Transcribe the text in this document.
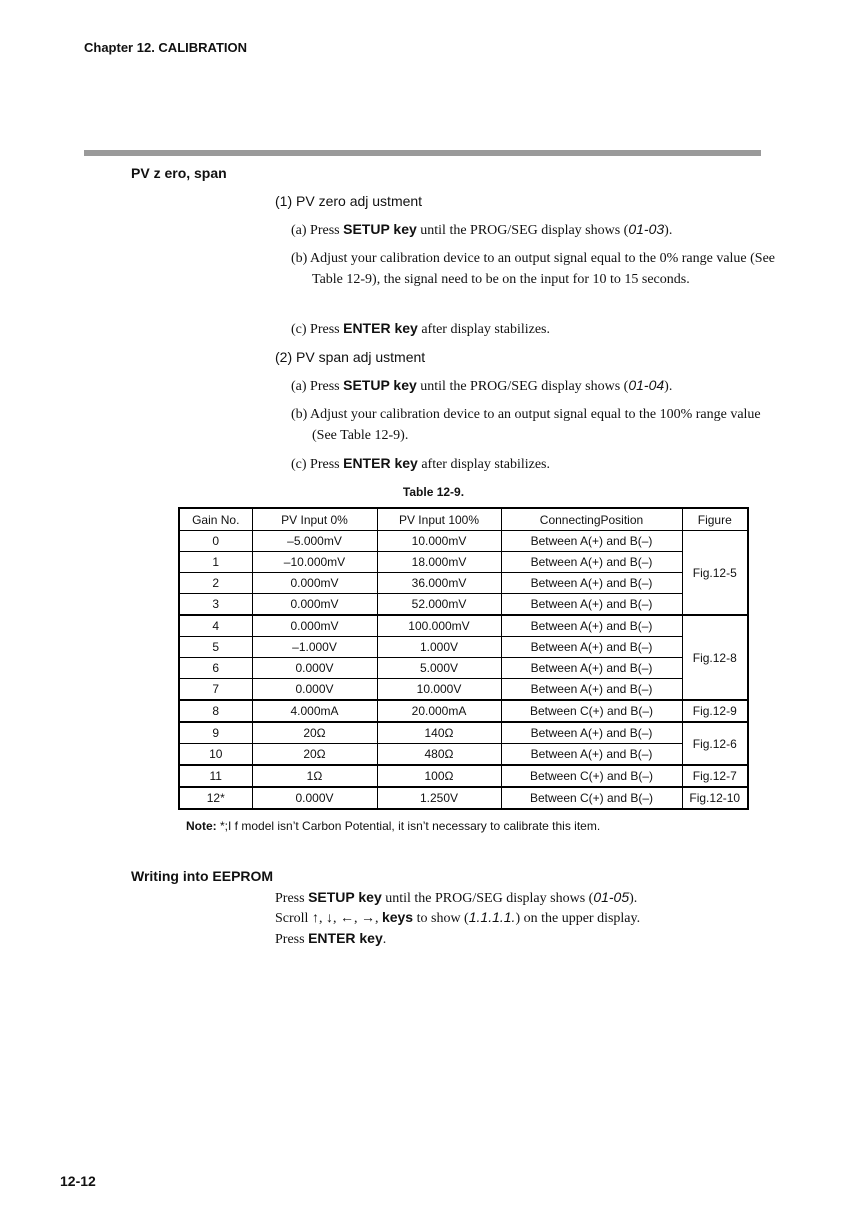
Chapter 12. CALIBRATION
PV z ero, span
(1) PV zero adj ustment
(a) Press SETUP key until the PROG/SEG display shows (01-03).
(b) Adjust your calibration device to an output signal equal to the 0% range value (See Table 12-9), the signal need to be on the input for 10 to 15 seconds.
(c) Press ENTER key after display stabilizes.
(2) PV span adj ustment
(a) Press SETUP key until the PROG/SEG display shows (01-04).
(b) Adjust your calibration device to an output signal equal to the 100% range value (See Table 12-9).
(c) Press ENTER key after display stabilizes.
Table 12-9.
Gain No.	PV Input 0%	PV Input 100%	ConnectingPosition	Figure
0	–5.000mV	10.000mV	Between A(+) and B(–)	Fig.12-5
1	–10.000mV	18.000mV	Between A(+) and B(–)	
2	0.000mV	36.000mV	Between A(+) and B(–)	
3	0.000mV	52.000mV	Between A(+) and B(–)	
4	0.000mV	100.000mV	Between A(+) and B(–)	Fig.12-8
5	–1.000V	1.000V	Between A(+) and B(–)	
6	0.000V	5.000V	Between A(+) and B(–)	
7	0.000V	10.000V	Between A(+) and B(–)	
8	4.000mA	20.000mA	Between C(+) and B(–)	Fig.12-9
9	20Ω	140Ω	Between A(+) and B(–)	Fig.12-6
10	20Ω	480Ω	Between A(+) and B(–)	
11	1Ω	100Ω	Between C(+) and B(–)	Fig.12-7
12*	0.000V	1.250V	Between C(+) and B(–)	Fig.12-10
Note: *;I f model isn’t Carbon Potential, it isn’t necessary to calibrate this item.
Writing into EEPROM
Press SETUP key until the PROG/SEG display shows (01-05).
Scroll ↑, ↓, ←, →, keys to show (1.1.1.1.) on the upper display.
Press ENTER key.
12-12
